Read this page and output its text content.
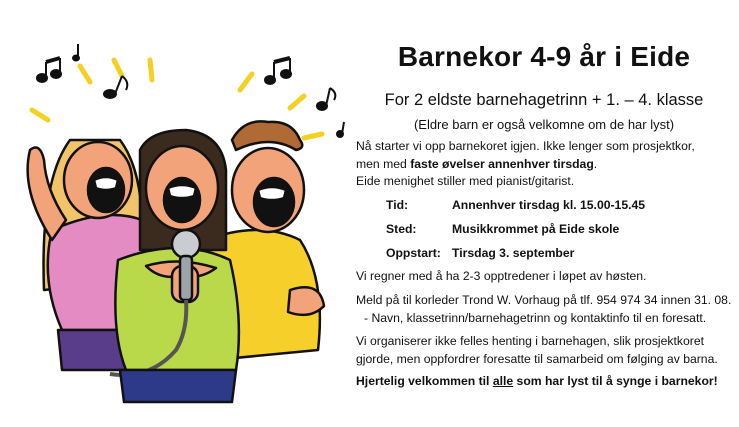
Barnekor 4-9 år i Eide
For 2 eldste barnehagetrinn + 1. – 4. klasse
(Eldre barn er også velkomne om de har lyst)
Nå starter vi opp barnekoret igjen. Ikke lenger som prosjektkor,
men med faste øvelser annenhver tirsdag.
Eide menighet stiller med pianist/gitarist.
Tid:	Annenhver tirsdag kl. 15.00-15.45
Sted:	Musikkrommet på Eide skole
Oppstart: Tirsdag 3. september
Vi regner med å ha 2-3 opptredener i løpet av høsten.
Meld på til korleder Trond W. Vorhaug på tlf. 954 974 34 innen 31. 08.
- Navn, klassetrinn/barnehagetrinn og kontaktinfo til en foresatt.
Vi organiserer ikke felles henting i barnehagen, slik prosjektkoret
gjorde, men oppfordrer foresatte til samarbeid om følging av barna.
Hjertelig velkommen til alle som har lyst til å synge i barnekor!
